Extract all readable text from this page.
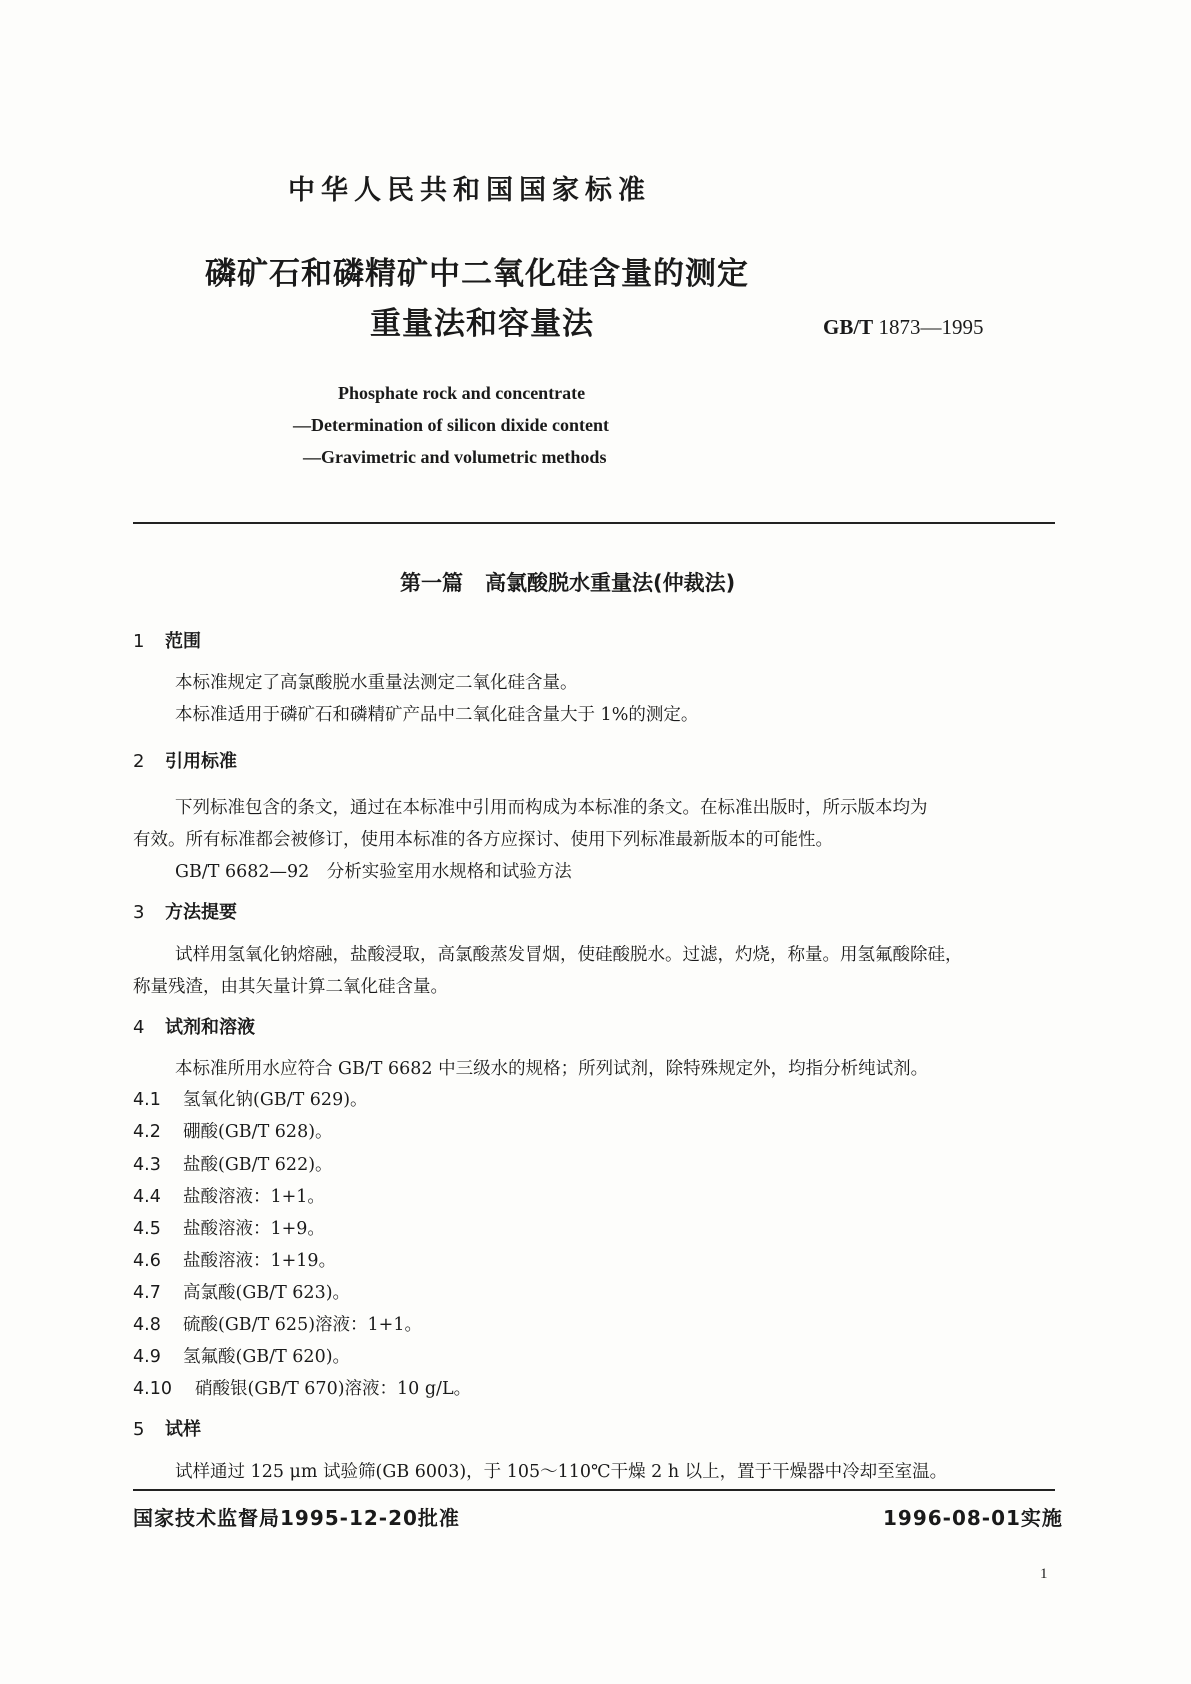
中华人民共和国国家标准
磷矿石和磷精矿中二氧化硅含量的测定
重量法和容量法	GB/T 1873—1995
Phosphate rock and concentrate
—Determination of silicon dixide content
—Gravimetric and volumetric methods
第一篇 高氯酸脱水重量法(仲裁法)
1 范围
本标准规定了高氯酸脱水重量法测定二氧化硅含量。
本标准适用于磷矿石和磷精矿产品中二氧化硅含量大于 1%的测定。
2 引用标准
下列标准包含的条文，通过在本标准中引用而构成为本标准的条文。在标准出版时，所示版本均为
有效。所有标准都会被修订，使用本标准的各方应探讨、使用下列标准最新版本的可能性。
GB/T 6682—92　分析实验室用水规格和试验方法
3 方法提要
试样用氢氧化钠熔融，盐酸浸取，高氯酸蒸发冒烟，使硅酸脱水。过滤，灼烧，称量。用氢氟酸除硅，
称量残渣，由其矢量计算二氧化硅含量。
4 试剂和溶液
本标准所用水应符合 GB/T 6682 中三级水的规格；所列试剂，除特殊规定外，均指分析纯试剂。
4.1 氢氧化钠(GB/T 629)。
4.2 硼酸(GB/T 628)。
4.3 盐酸(GB/T 622)。
4.4 盐酸溶液：1+1。
4.5 盐酸溶液：1+9。
4.6 盐酸溶液：1+19。
4.7 高氯酸(GB/T 623)。
4.8 硫酸(GB/T 625)溶液：1+1。
4.9 氢氟酸(GB/T 620)。
4.10 硝酸银(GB/T 670)溶液：10 g/L。
5 试样
试样通过 125 μm 试验筛(GB 6003)，于 105～110℃干燥 2 h 以上，置于干燥器中冷却至室温。
国家技术监督局1995-12-20批准	1996-08-01实施
1
